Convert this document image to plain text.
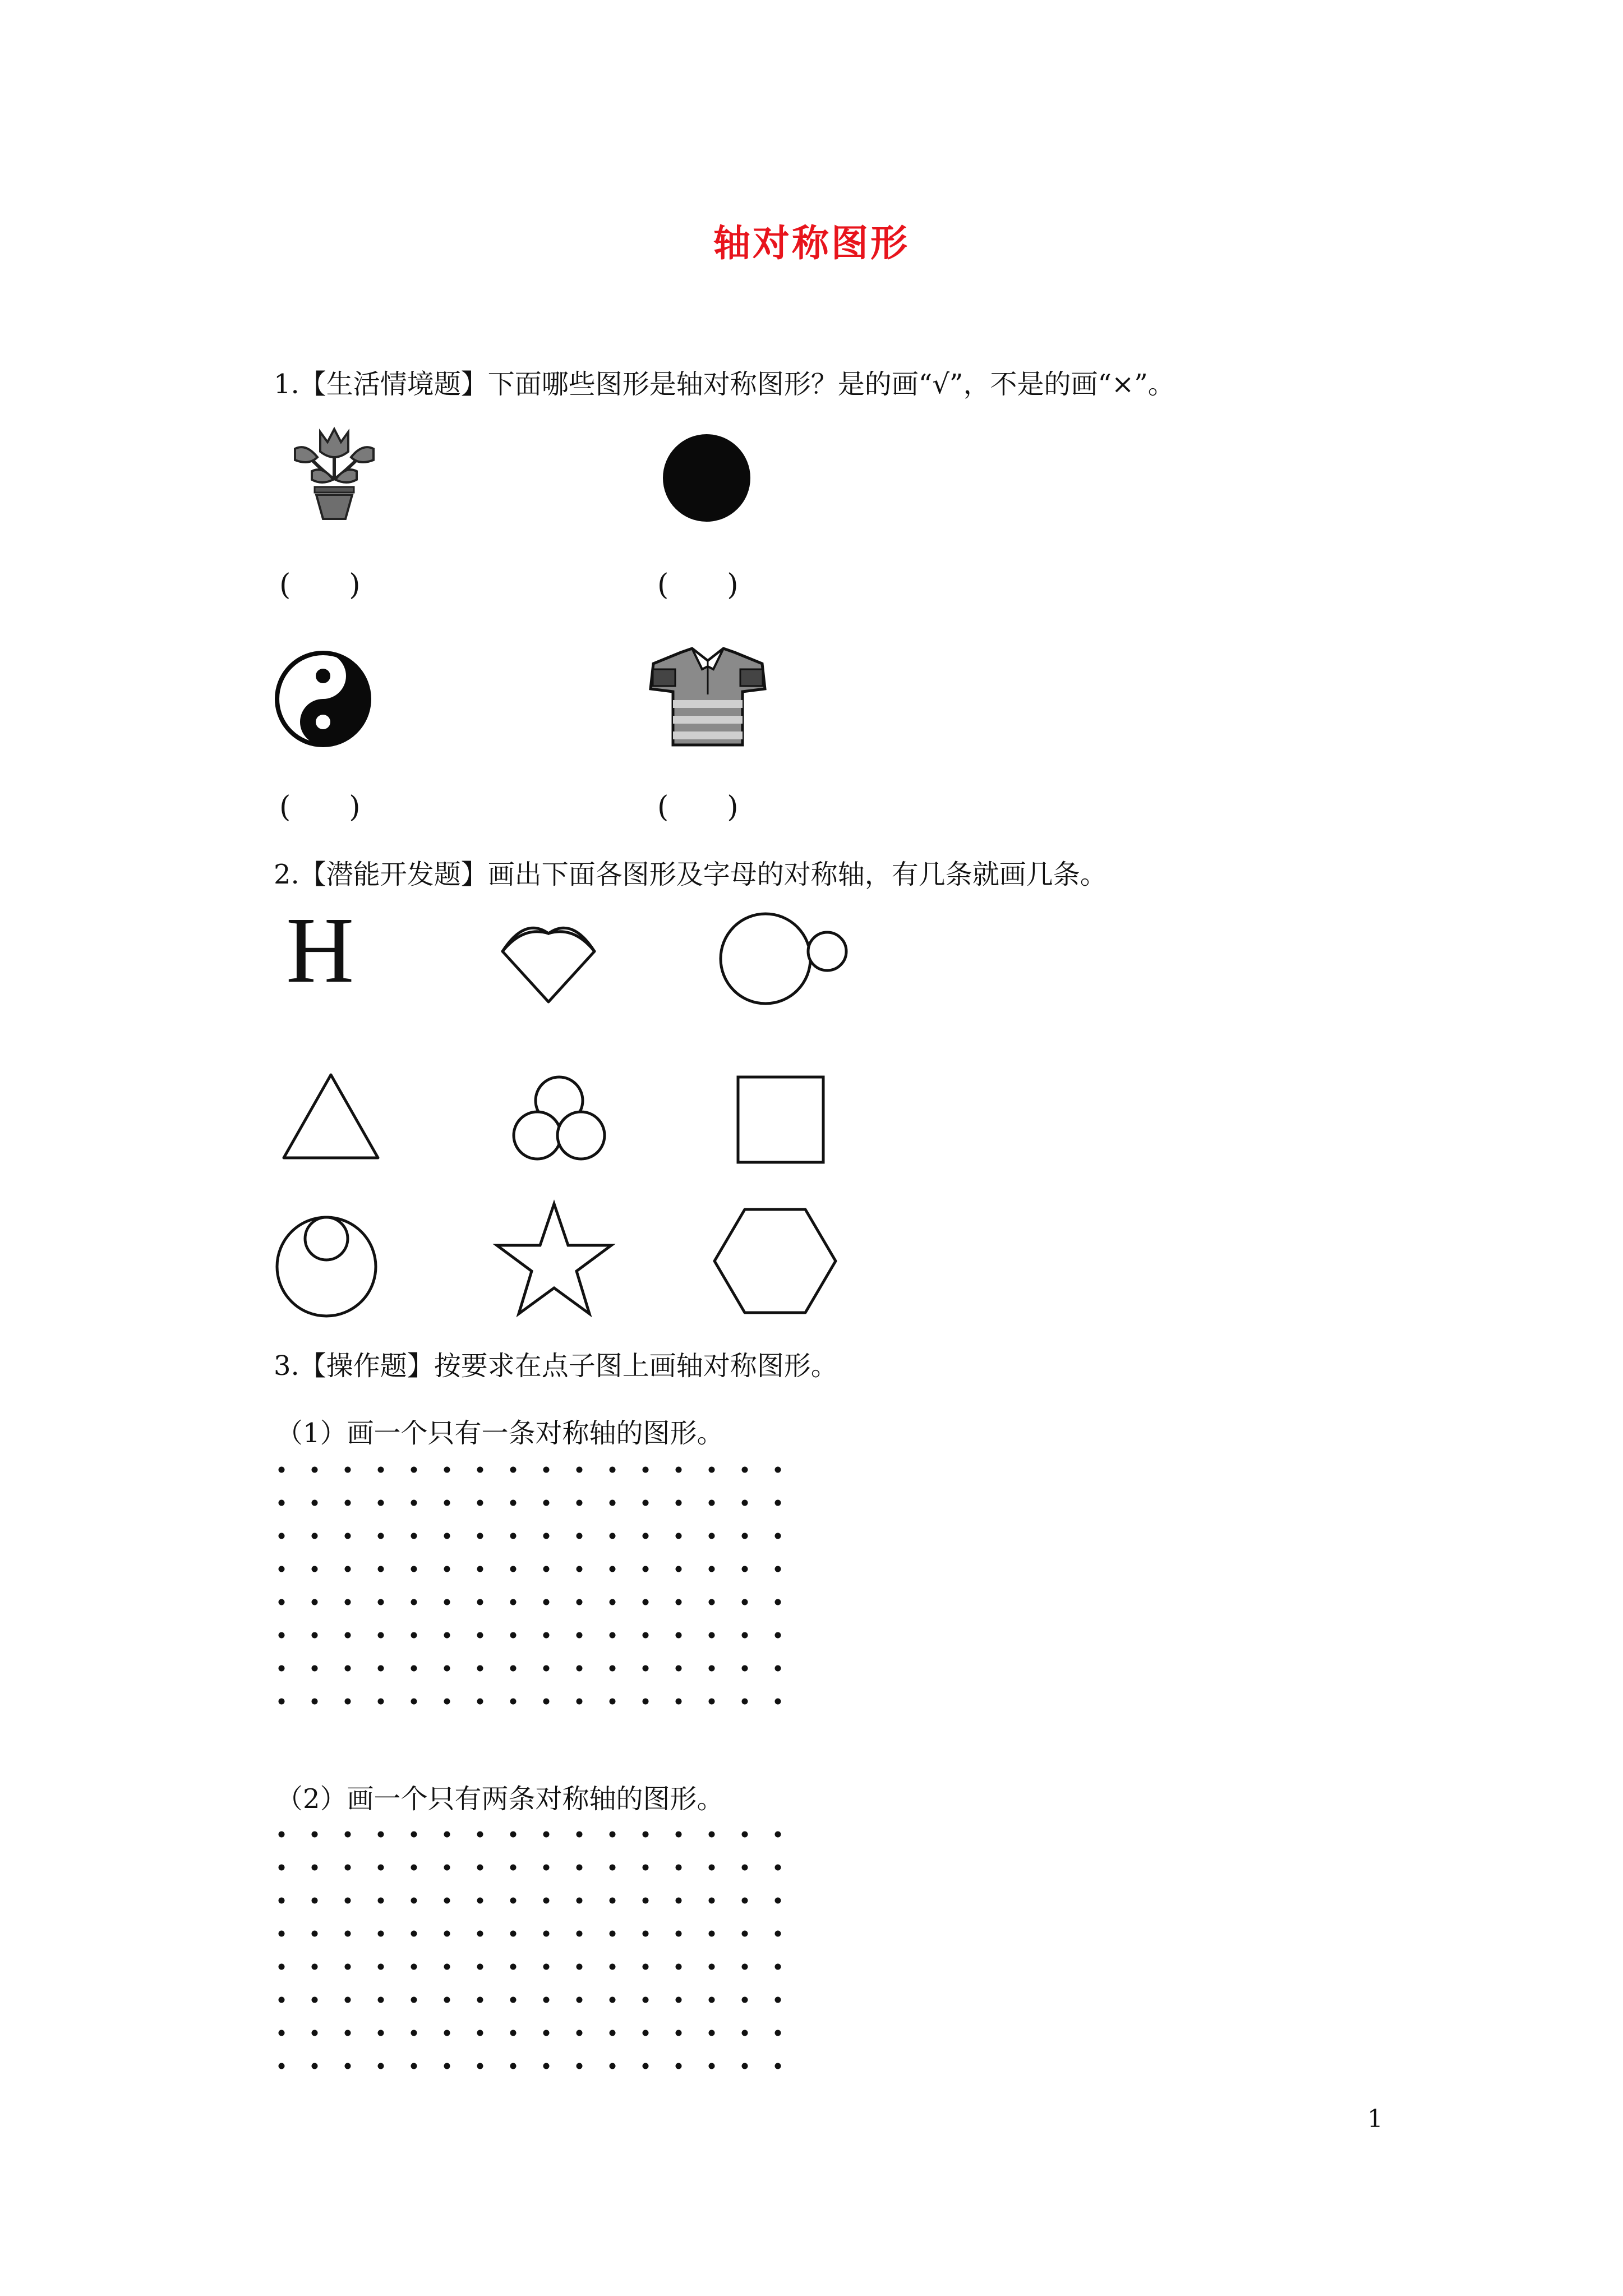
轴对称图形
1.【生活情境题】下面哪些图形是轴对称图形？是的画“√”，不是的画“×”。
(　　)	(　　)
(　　)	(　　)
2.【潜能开发题】画出下面各图形及字母的对称轴，有几条就画几条。
H
3.【操作题】按要求在点子图上画轴对称图形。
（1）画一个只有一条对称轴的图形。
（2）画一个只有两条对称轴的图形。
1
